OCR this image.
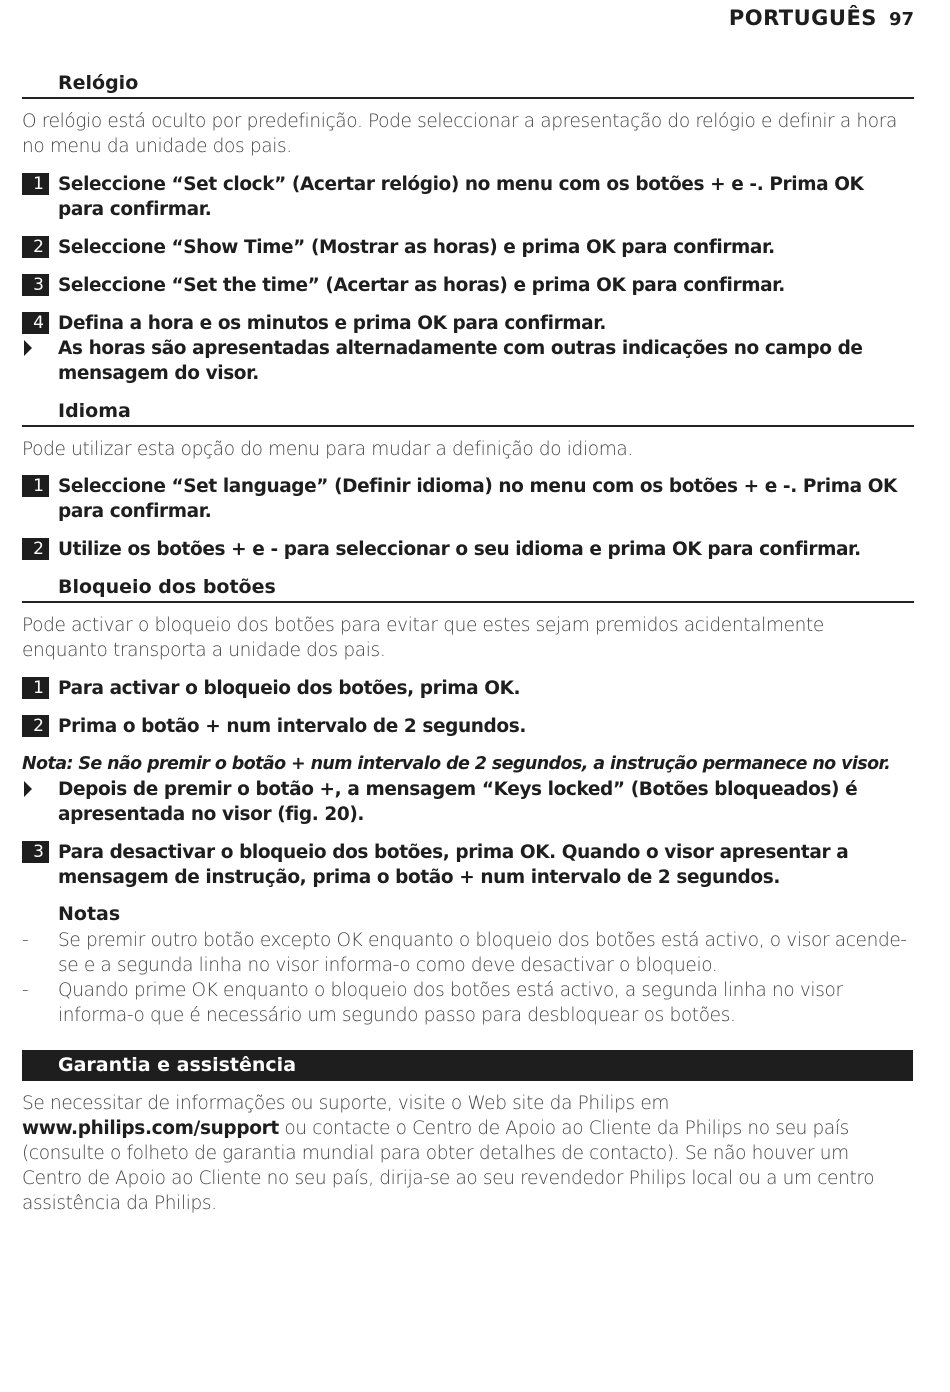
PORTUGUÊS 97
Relógio
O relógio está oculto por predefinição. Pode seleccionar a apresentação do relógio e definir a hora no menu da unidade dos pais.
1 Seleccione “Set clock” (Acertar relógio) no menu com os botões + e -. Prima OK para confirmar.
2 Seleccione “Show Time” (Mostrar as horas) e prima OK para confirmar.
3 Seleccione “Set the time” (Acertar as horas) e prima OK para confirmar.
4 Defina a hora e os minutos e prima OK para confirmar.
As horas são apresentadas alternadamente com outras indicações no campo de mensagem do visor.
Idioma
Pode utilizar esta opção do menu para mudar a definição do idioma.
1 Seleccione “Set language” (Definir idioma) no menu com os botões + e -. Prima OK para confirmar.
2 Utilize os botões + e - para seleccionar o seu idioma e prima OK para confirmar.
Bloqueio dos botões
Pode activar o bloqueio dos botões para evitar que estes sejam premidos acidentalmente enquanto transporta a unidade dos pais.
1 Para activar o bloqueio dos botões, prima OK.
2 Prima o botão + num intervalo de 2 segundos.
Nota: Se não premir o botão + num intervalo de 2 segundos, a instrução permanece no visor.
Depois de premir o botão +, a mensagem “Keys locked” (Botões bloqueados) é apresentada no visor (fig. 20).
3 Para desactivar o bloqueio dos botões, prima OK. Quando o visor apresentar a mensagem de instrução, prima o botão + num intervalo de 2 segundos.
Notas
- Se premir outro botão excepto OK enquanto o bloqueio dos botões está activo, o visor acende-se e a segunda linha no visor informa-o como deve desactivar o bloqueio.
- Quando prime OK enquanto o bloqueio dos botões está activo, a segunda linha no visor informa-o que é necessário um segundo passo para desbloquear os botões.
Garantia e assistência
Se necessitar de informações ou suporte, visite o Web site da Philips em www.philips.com/support ou contacte o Centro de Apoio ao Cliente da Philips no seu país (consulte o folheto de garantia mundial para obter detalhes de contacto). Se não houver um Centro de Apoio ao Cliente no seu país, dirija-se ao seu revendedor Philips local ou a um centro assistência da Philips.
